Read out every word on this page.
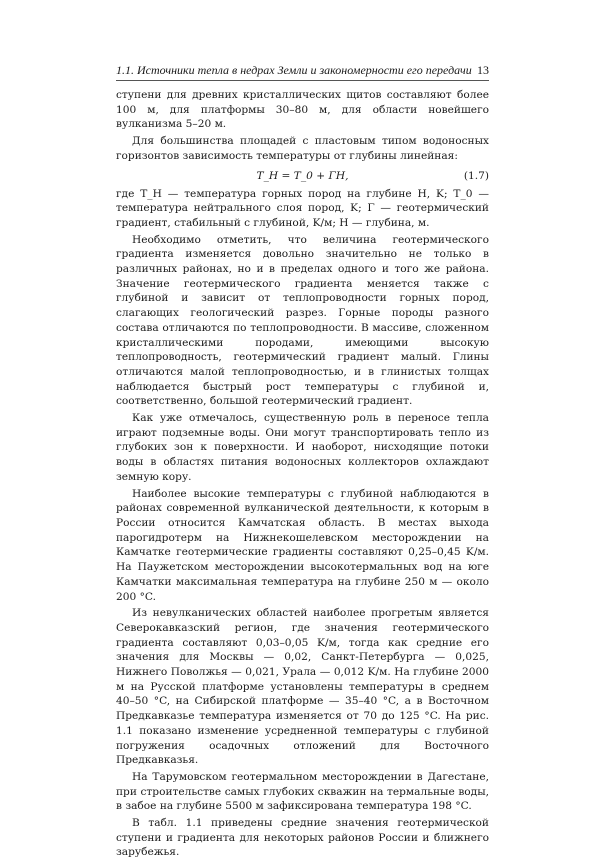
1.1. Источники тепла в недрах Земли и закономерности его передачи 13

ступени для древних кристаллических щитов составляют более 100 м, для платформы 30–80 м, для области новейшего вулканизма 5–20 м.

Для большинства площадей с пластовым типом водоносных горизонтов зависимость температуры от глубины линейная:

T_H = T_0 + ΓH,	(1.7)

где T_H — температура горных пород на глубине H, K; T_0 — температура нейтрального слоя пород, K; Γ — геотермический градиент, стабильный с глубиной, K/м; H — глубина, м.

Необходимо отметить, что величина геотермического градиента изменяется довольно значительно не только в различных районах, но и в пределах одного и того же района. Значение геотермического градиента меняется также с глубиной и зависит от теплопроводности горных пород, слагающих геологический разрез. Горные породы разного состава отличаются по теплопроводности. В массиве, сложенном кристаллическими породами, имеющими высокую теплопроводность, геотермический градиент малый. Глины отличаются малой теплопроводностью, и в глинистых толщах наблюдается быстрый рост температуры с глубиной и, соответственно, большой геотермический градиент.

Как уже отмечалось, существенную роль в переносе тепла играют подземные воды. Они могут транспортировать тепло из глубоких зон к поверхности. И наоборот, нисходящие потоки воды в областях питания водоносных коллекторов охлаждают земную кору.

Наиболее высокие температуры с глубиной наблюдаются в районах современной вулканической деятельности, к которым в России относится Камчатская область. В местах выхода парогидротерм на Нижнекошелевском месторождении на Камчатке геотермические градиенты составляют 0,25–0,45 K/м. На Паужетском месторождении высокотермальных вод на юге Камчатки максимальная температура на глубине 250 м — около 200 °C.

Из невулканических областей наиболее прогретым является Северокавказский регион, где значения геотермического градиента составляют 0,03–0,05 K/м, тогда как средние его значения для Москвы — 0,02, Санкт-Петербурга — 0,025, Нижнего Поволжья — 0,021, Урала — 0,012 K/м. На глубине 2000 м на Русской платформе установлены температуры в среднем 40–50 °C, на Сибирской платформе — 35–40 °C, а в Восточном Предкавказье температура изменяется от 70 до 125 °C. На рис. 1.1 показано изменение усредненной температуры с глубиной погружения осадочных отложений для Восточного Предкавказья.

На Тарумовском геотермальном месторождении в Дагестане, при строительстве самых глубоких скважин на термальные воды, в забое на глубине 5500 м зафиксирована температура 198 °C.

В табл. 1.1 приведены средние значения геотермической ступени и градиента для некоторых районов России и ближнего зарубежья.
